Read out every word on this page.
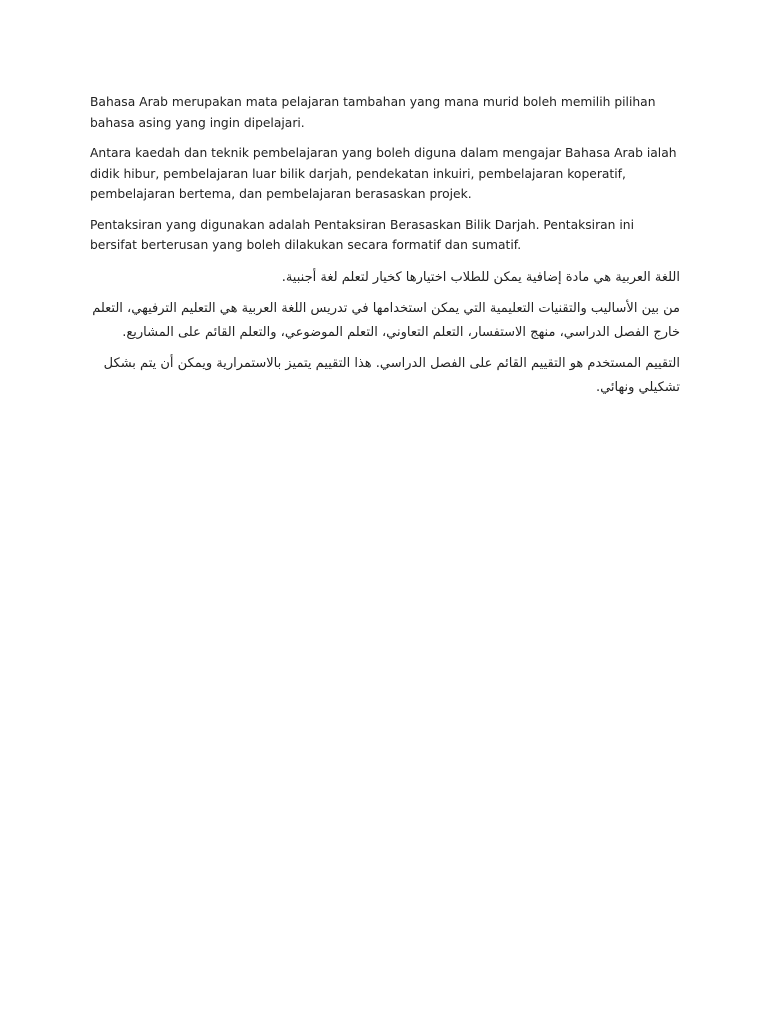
Bahasa Arab merupakan mata pelajaran tambahan yang mana murid boleh memilih pilihan bahasa asing yang ingin dipelajari.

Antara kaedah dan teknik pembelajaran yang boleh diguna dalam mengajar Bahasa Arab ialah didik hibur, pembelajaran luar bilik darjah, pendekatan inkuiri, pembelajaran koperatif, pembelajaran bertema, dan pembelajaran berasaskan projek.

Pentaksiran yang digunakan adalah Pentaksiran Berasaskan Bilik Darjah. Pentaksiran ini bersifat berterusan yang boleh dilakukan secara formatif dan sumatif.

اللغة العربية هي مادة إضافية يمكن للطلاب اختيارها كخيار لتعلم لغة أجنبية.

من بين الأساليب والتقنيات التعليمية التي يمكن استخدامها في تدريس اللغة العربية هي التعليم الترفيهي، التعلم خارج الفصل الدراسي، منهج الاستفسار، التعلم التعاوني، التعلم الموضوعي، والتعلم القائم على المشاريع.

التقييم المستخدم هو التقييم القائم على الفصل الدراسي. هذا التقييم يتميز بالاستمرارية ويمكن أن يتم بشكل تشكيلي ونهائي.
